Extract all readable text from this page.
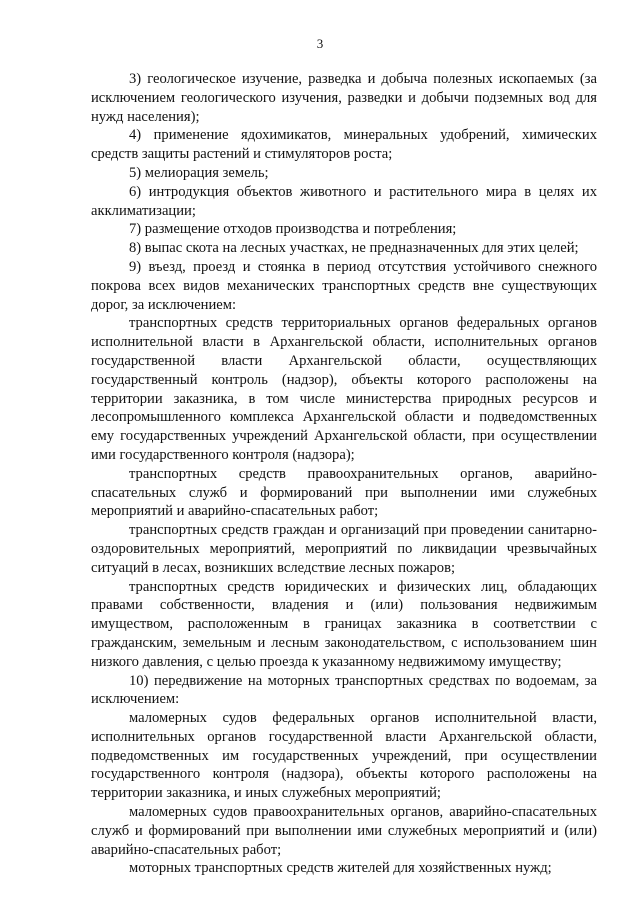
3

3) геологическое изучение, разведка и добыча полезных ископаемых (за исключением геологического изучения, разведки и добычи подземных вод для нужд населения);

4) применение ядохимикатов, минеральных удобрений, химических средств защиты растений и стимуляторов роста;

5) мелиорация земель;

6) интродукция объектов животного и растительного мира в целях их акклиматизации;

7) размещение отходов производства и потребления;

8) выпас скота на лесных участках, не предназначенных для этих целей;

9) въезд, проезд и стоянка в период отсутствия устойчивого снежного покрова всех видов механических транспортных средств вне существующих дорог, за исключением:

транспортных средств территориальных органов федеральных органов исполнительной власти в Архангельской области, исполнительных органов государственной власти Архангельской области, осуществляющих государственный контроль (надзор), объекты которого расположены на территории заказника, в том числе министерства природных ресурсов и лесопромышленного комплекса Архангельской области и подведомственных ему государственных учреждений Архангельской области, при осуществлении ими государственного контроля (надзора);

транспортных средств правоохранительных органов, аварийно-спасательных служб и формирований при выполнении ими служебных мероприятий и аварийно-спасательных работ;

транспортных средств граждан и организаций при проведении санитарно-оздоровительных мероприятий, мероприятий по ликвидации чрезвычайных ситуаций в лесах, возникших вследствие лесных пожаров;

транспортных средств юридических и физических лиц, обладающих правами собственности, владения и (или) пользования недвижимым имуществом, расположенным в границах заказника в соответствии с гражданским, земельным и лесным законодательством, с использованием шин низкого давления, с целью проезда к указанному недвижимому имуществу;

10) передвижение на моторных транспортных средствах по водоемам, за исключением:

маломерных судов федеральных органов исполнительной власти, исполнительных органов государственной власти Архангельской области, подведомственных им государственных учреждений, при осуществлении государственного контроля (надзора), объекты которого расположены на территории заказника, и иных служебных мероприятий;

маломерных судов правоохранительных органов, аварийно-спасательных служб и формирований при выполнении ими служебных мероприятий и (или) аварийно-спасательных работ;

моторных транспортных средств жителей для хозяйственных нужд;
